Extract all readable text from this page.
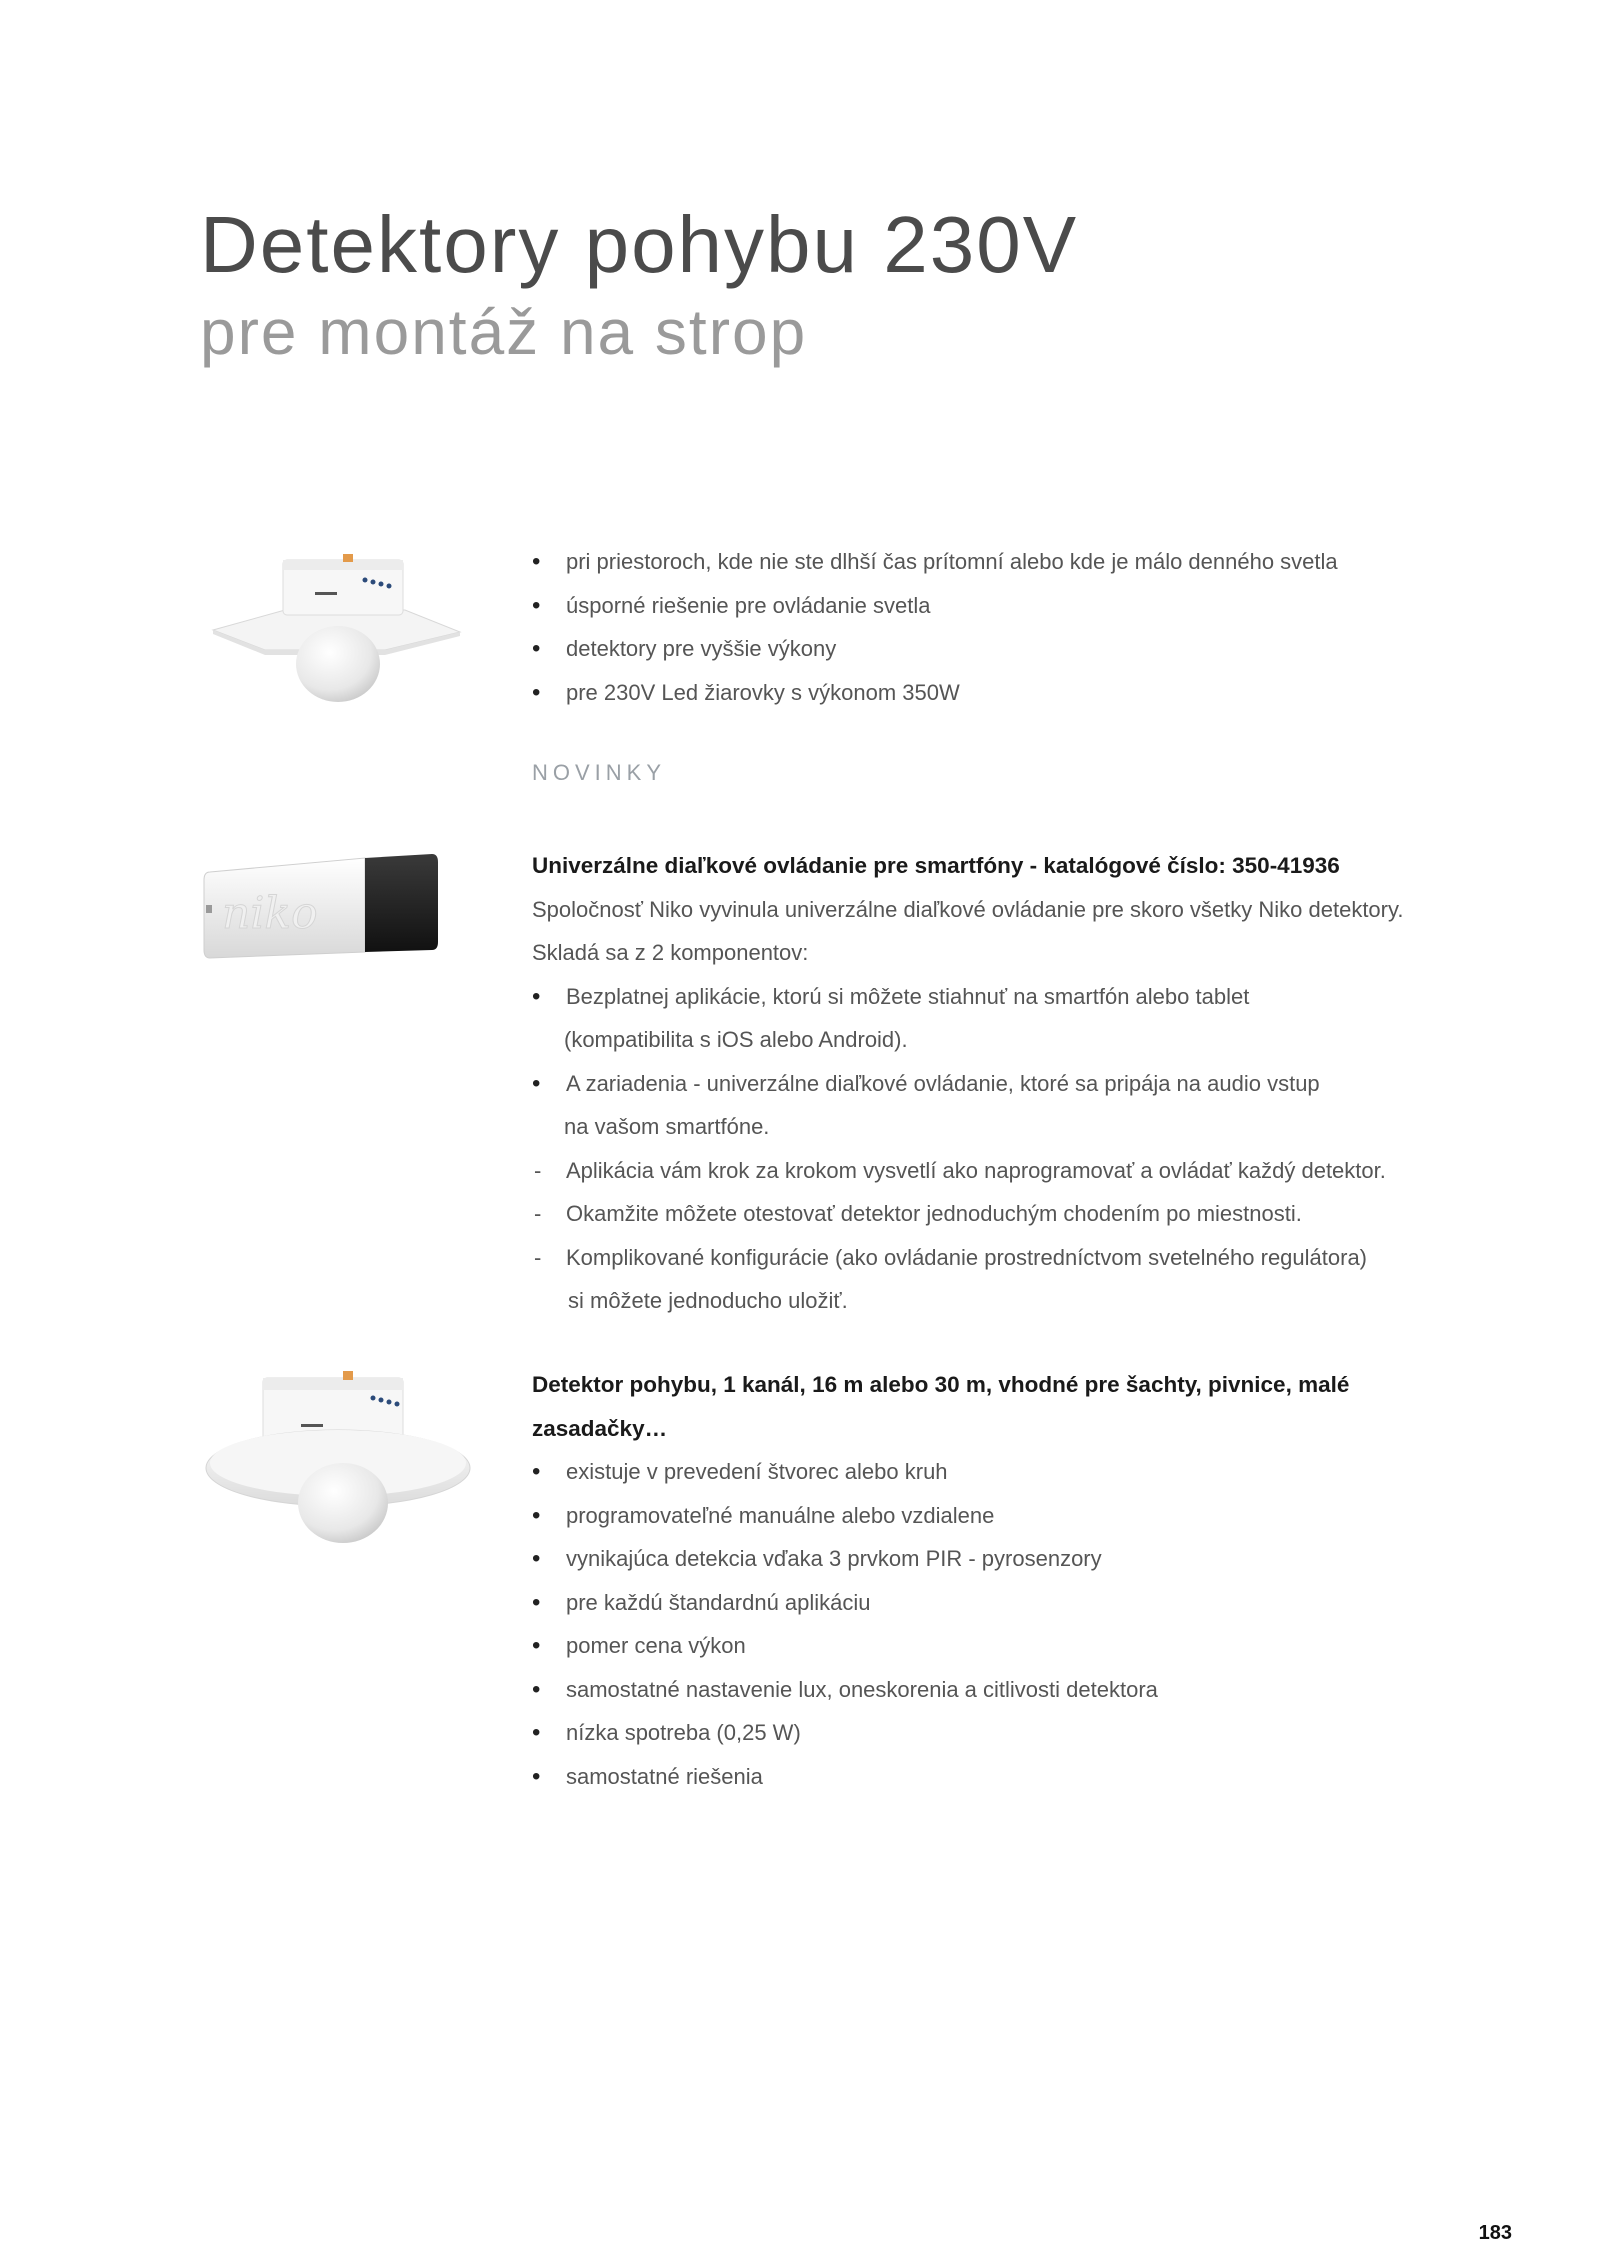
Detektory pohybu 230V
pre montáž na strop
• pri priestoroch, kde nie ste dlhší čas prítomní alebo kde je málo denného svetla
• úsporné riešenie pre ovládanie svetla
• detektory pre vyššie výkony
• pre 230V Led žiarovky s výkonom 350W
NOVINKY
niko
Univerzálne diaľkové ovládanie pre smartfóny - katalógové číslo: 350-41936
Spoločnosť Niko vyvinula univerzálne diaľkové ovládanie pre skoro všetky Niko detektory.
Skladá sa z 2 komponentov:
• Bezplatnej aplikácie, ktorú si môžete stiahnuť na smartfón alebo tablet
(kompatibilita s iOS alebo Android).
• A zariadenia - univerzálne diaľkové ovládanie, ktoré sa pripája na audio vstup
na vašom smartfóne.
- Aplikácia vám krok za krokom vysvetlí ako naprogramovať a ovládať každý detektor.
- Okamžite môžete otestovať detektor jednoduchým chodením po miestnosti.
- Komplikované konfigurácie (ako ovládanie prostredníctvom svetelného regulátora)
si môžete jednoducho uložiť.
Detektor pohybu, 1 kanál, 16 m alebo 30 m, vhodné pre šachty, pivnice, malé
zasadačky…
• existuje v prevedení štvorec alebo kruh
• programovateľné manuálne alebo vzdialene
• vynikajúca detekcia vďaka 3 prvkom PIR - pyrosenzory
• pre každú štandardnú aplikáciu
• pomer cena výkon
• samostatné nastavenie lux, oneskorenia a citlivosti detektora
• nízka spotreba (0,25 W)
• samostatné riešenia
183
